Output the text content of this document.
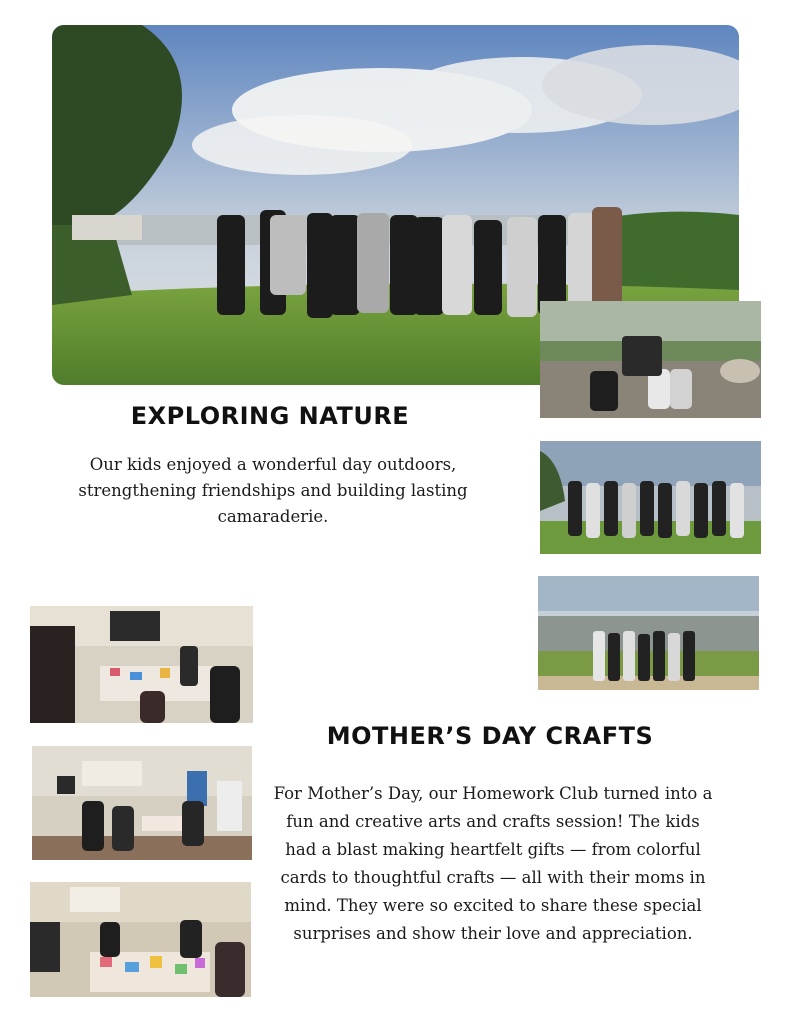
EXPLORING NATURE

Our kids enjoyed a wonderful day outdoors, strengthening friendships and building lasting camaraderie.

MOTHER’S DAY CRAFTS

For Mother’s Day, our Homework Club turned into a fun and creative arts and crafts session! The kids had a blast making heartfelt gifts — from colorful cards to thoughtful crafts — all with their moms in mind. They were so excited to share these special surprises and show their love and appreciation.
